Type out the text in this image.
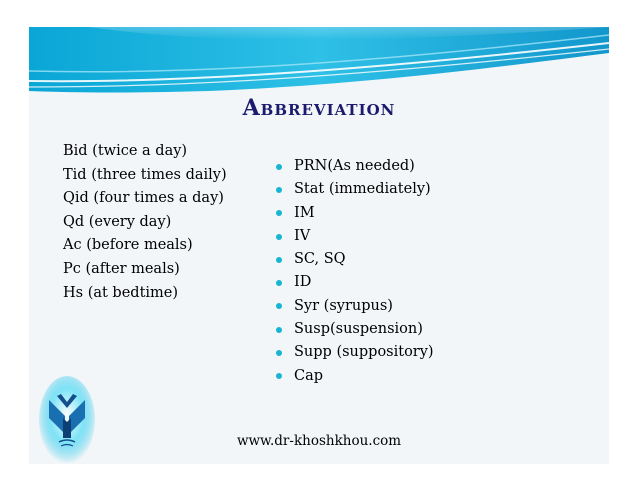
Abbreviation
Bid (twice a day)
Tid (three times daily)
Qid (four times a day)
Qd (every day)
Ac (before meals)
Pc (after meals)
Hs (at bedtime)
PRN(As needed)
Stat (immediately)
IM
IV
SC, SQ
ID
Syr (syrupus)
Susp(suspension)
Supp (suppository)
Cap
www.dr-khoshkhou.com
